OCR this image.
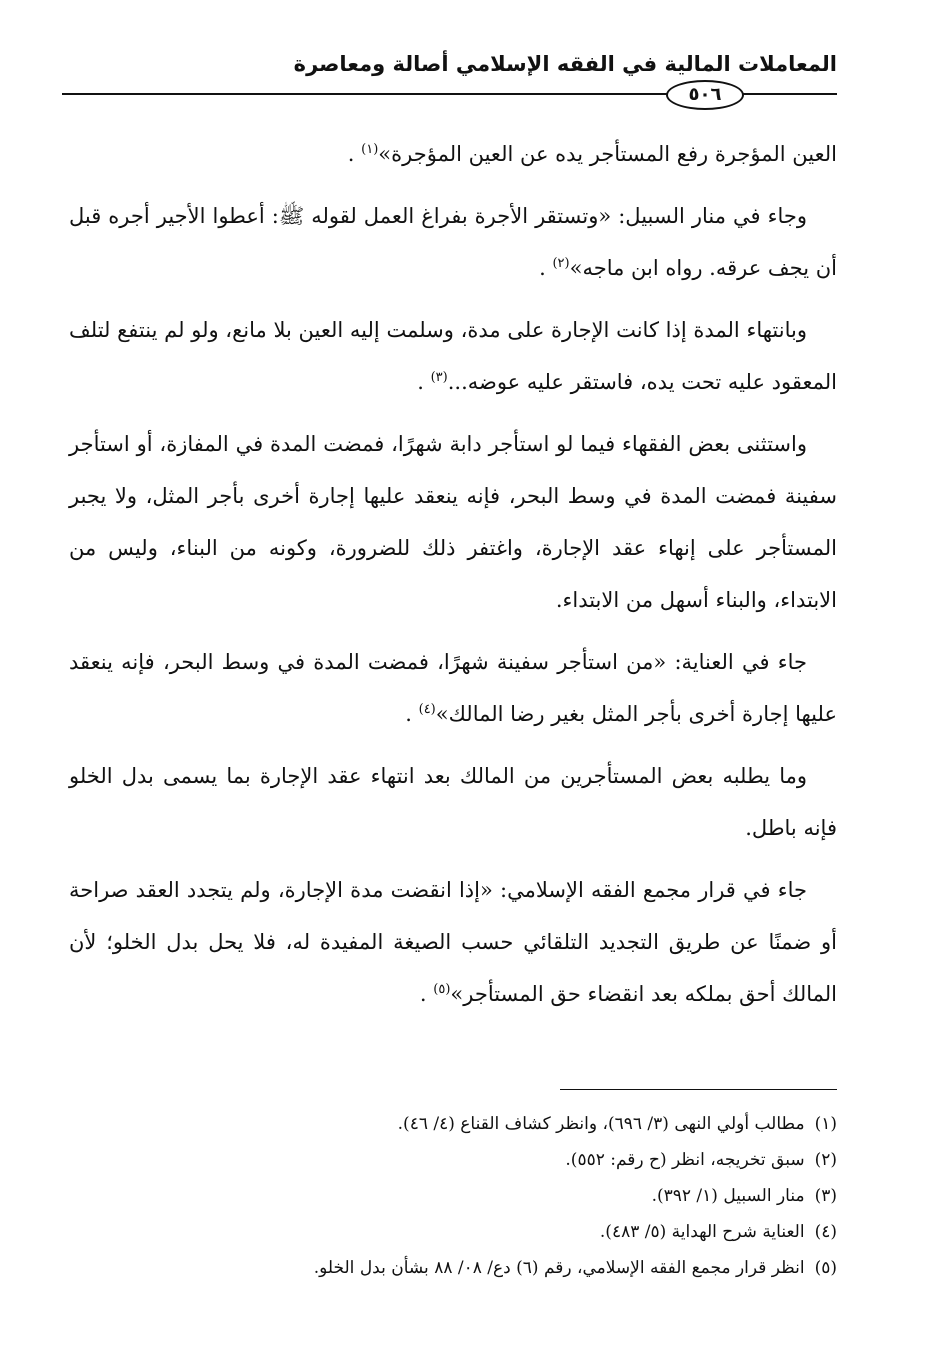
المعاملات المالية في الفقه الإسلامي أصالة ومعاصرة
٥٠٦

العين المؤجرة رفع المستأجر يده عن العين المؤجرة»$^{(١)}$ .

وجاء في منار السبيل: «وتستقر الأجرة بفراغ العمل لقوله ﷺ: أعطوا الأجير أجره قبل أن يجف عرقه. رواه ابن ماجه»$^{(٢)}$ .

وبانتهاء المدة إذا كانت الإجارة على مدة، وسلمت إليه العين بلا مانع، ولو لم ينتفع لتلف المعقود عليه تحت يده، فاستقر عليه عوضه...$^{(٣)}$ .

واستثنى بعض الفقهاء فيما لو استأجر دابة شهرًا، فمضت المدة في المفازة، أو استأجر سفينة فمضت المدة في وسط البحر، فإنه ينعقد عليها إجارة أخرى بأجر المثل، ولا يجبر المستأجر على إنهاء عقد الإجارة، واغتفر ذلك للضرورة، وكونه من البناء، وليس من الابتداء، والبناء أسهل من الابتداء.

جاء في العناية: «من استأجر سفينة شهرًا، فمضت المدة في وسط البحر، فإنه ينعقد عليها إجارة أخرى بأجر المثل بغير رضا المالك»$^{(٤)}$ .

وما يطلبه بعض المستأجرين من المالك بعد انتهاء عقد الإجارة بما يسمى بدل الخلو فإنه باطل.

جاء في قرار مجمع الفقه الإسلامي: «إذا انقضت مدة الإجارة، ولم يتجدد العقد صراحة أو ضمنًا عن طريق التجديد التلقائي حسب الصيغة المفيدة له، فلا يحل بدل الخلو؛ لأن المالك أحق بملكه بعد انقضاء حق المستأجر»$^{(٥)}$ .

(١)مطالب أولي النهى (٣/ ٦٩٦)، وانظر كشاف القناع (٤/ ٤٦).
(٢)سبق تخريجه، انظر (ح رقم: ٥٥٢).
(٣)منار السبيل (١/ ٣٩٢).
(٤)العناية شرح الهداية (٥/ ٤٨٣).
(٥)انظر قرار مجمع الفقه الإسلامي، رقم (٦) دع/ ٠٨/ ٨٨ بشأن بدل الخلو.
